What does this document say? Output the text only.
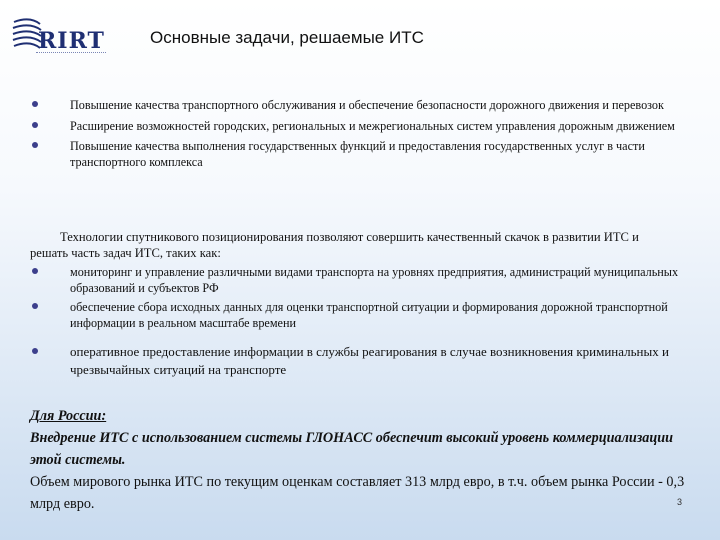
RIRT	Основные задачи, решаемые ИТС
Повышение качества транспортного обслуживания и обеспечение безопасности дорожного движения и перевозок
Расширение возможностей городских, региональных и межрегиональных систем управления дорожным движением
Повышение качества выполнения государственных функций и предоставления государственных услуг в части транспортного комплекса
Технологии спутникового позиционирования позволяют совершить качественный скачок в развитии ИТС и решать часть задач ИТС, таких как:
мониторинг и управление различными видами транспорта на уровнях предприятия, администраций муниципальных образований и субъектов РФ
обеспечение сбора исходных данных для оценки транспортной ситуации и формирования дорожной транспортной информации в реальном масштабе времени
оперативное предоставление информации в службы реагирования в случае возникновения криминальных и чрезвычайных ситуаций на транспорте
Для России:
Внедрение ИТС с использованием системы ГЛОНАСС обеспечит высокий уровень коммерциализации этой системы.
Объем мирового рынка ИТС по текущим оценкам составляет 313 млрд евро, в т.ч. объем рынка России - 0,3 млрд евро.	3
